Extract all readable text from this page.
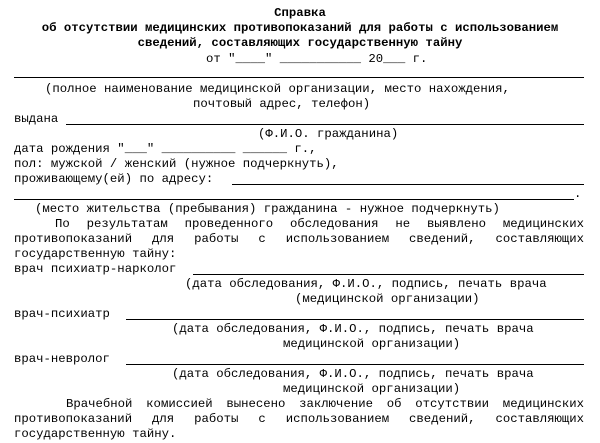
Справка
об отсутствии медицинских противопоказаний для работы с использованием
сведений, составляющих государственную тайну
от "____" ___________ 20___ г.
(полное наименование медицинской организации, место нахождения,
почтовый адрес, телефон)
выдана
(Ф.И.О. гражданина)
дата рождения "___" __________ ______ г.,
пол: мужской / женский (нужное подчеркнуть),
проживающему(ей) по адресу:
.
(место жительства (пребывания) гражданина - нужное подчеркнуть)
По результатам проведенного обследования не выявлено медицинских
противопоказаний для работы с использованием сведений, составляющих
государственную тайну:
врач психиатр-нарколог
(дата обследования, Ф.И.О., подпись, печать врача
(медицинской организации)
врач-психиатр
(дата обследования, Ф.И.О., подпись, печать врача
медицинской организации)
врач-невролог
(дата обследования, Ф.И.О., подпись, печать врача
медицинской организации)
Врачебной комиссией вынесено заключение об отсутствии медицинских
противопоказаний для работы с использованием сведений, составляющих
государственную тайну.
